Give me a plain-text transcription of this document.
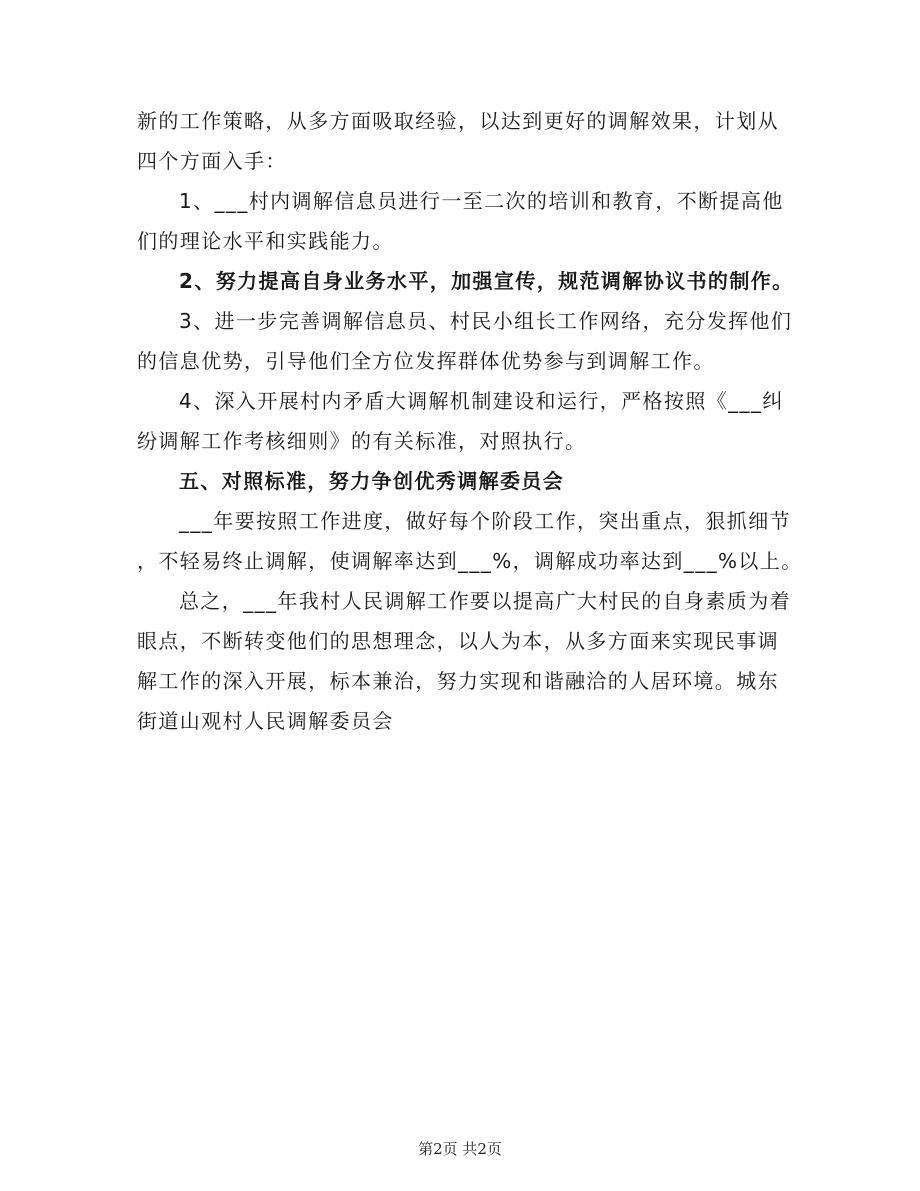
新的工作策略，从多方面吸取经验，以达到更好的调解效果，计划从
四个方面入手：
1、___村内调解信息员进行一至二次的培训和教育，不断提高他
们的理论水平和实践能力。
2、努力提高自身业务水平，加强宣传，规范调解协议书的制作。
3、进一步完善调解信息员、村民小组长工作网络，充分发挥他们
的信息优势，引导他们全方位发挥群体优势参与到调解工作。
4、深入开展村内矛盾大调解机制建设和运行，严格按照《___纠
纷调解工作考核细则》的有关标准，对照执行。
五、对照标准，努力争创优秀调解委员会
___年要按照工作进度，做好每个阶段工作，突出重点，狠抓细节
，不轻易终止调解，使调解率达到___%，调解成功率达到___%以上。
总之，___年我村人民调解工作要以提高广大村民的自身素质为着
眼点，不断转变他们的思想理念，以人为本，从多方面来实现民事调
解工作的深入开展，标本兼治，努力实现和谐融洽的人居环境。城东
街道山观村人民调解委员会
第2页 共2页
